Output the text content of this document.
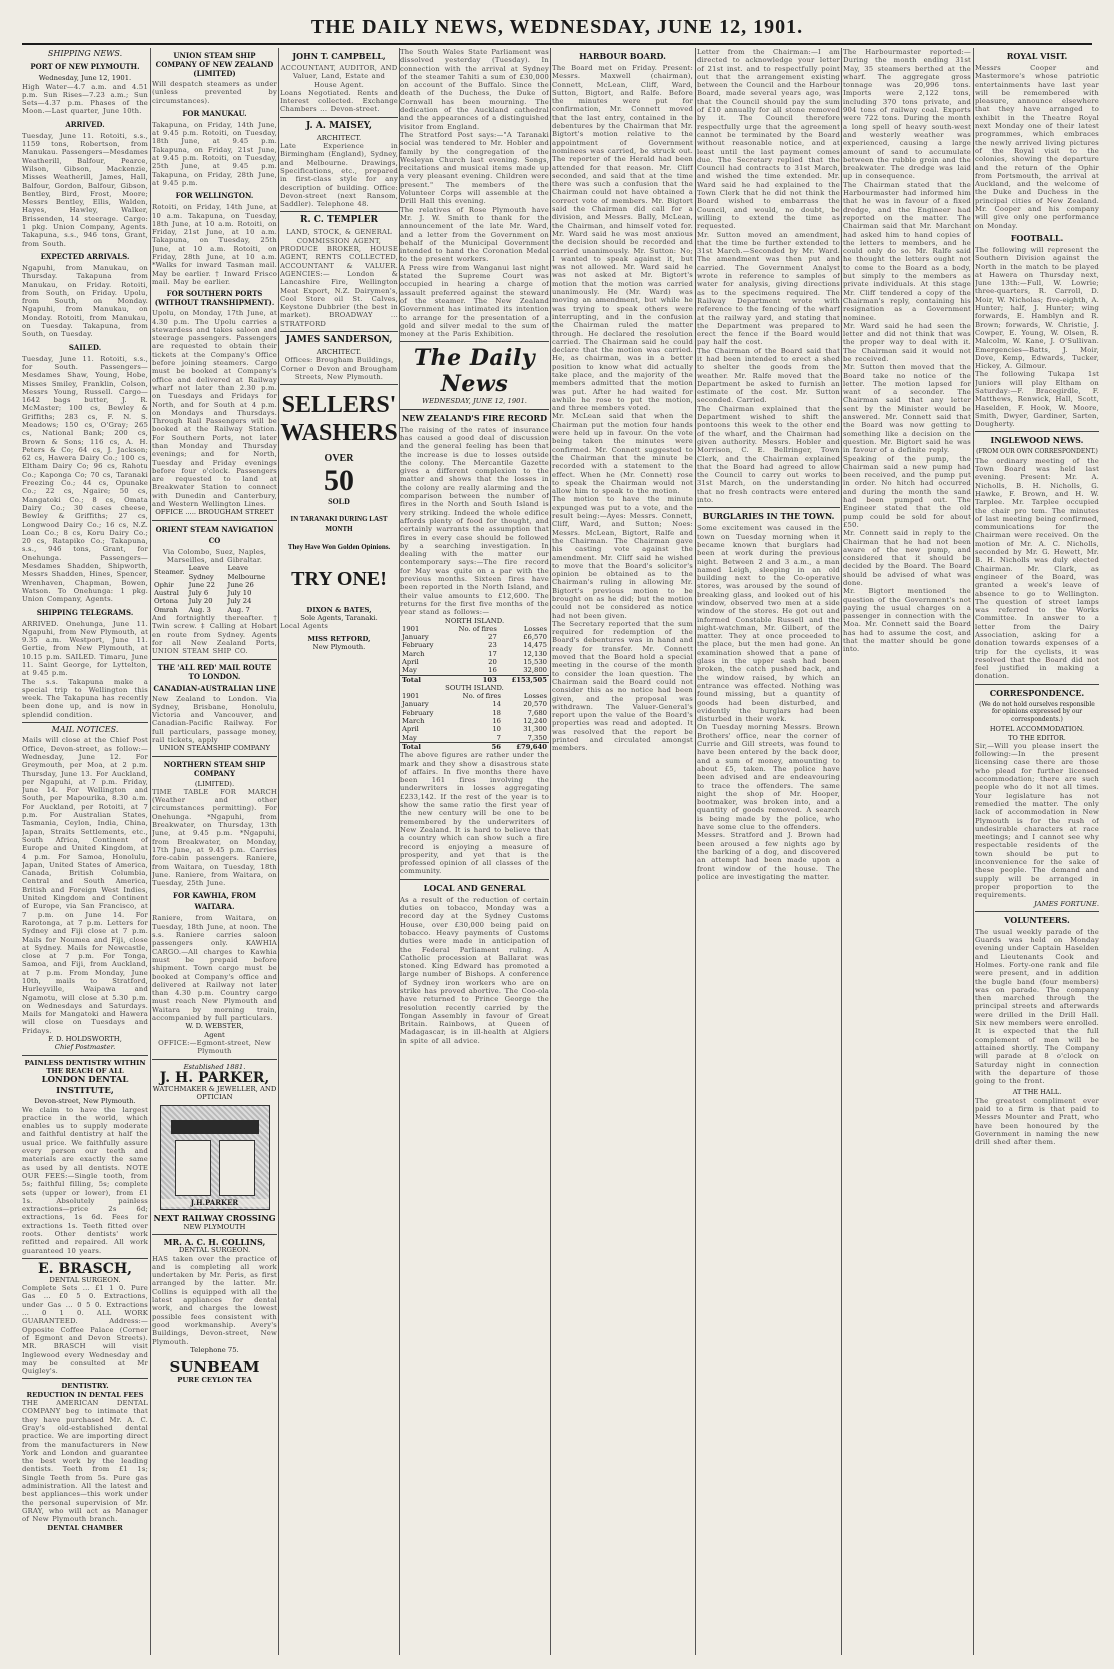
THE DAILY NEWS, WEDNESDAY, JUNE 12, 1901.
SHIPPING NEWS.
PORT OF NEW PLYMOUTH.
Wednesday, June 12, 1901.
High Water—4.7 a.m. and 4.51 p.m. Sun Rises—7.23 a.m.; Sun Sets—4.37 p.m. Phases of the Moon.—Last quarter, June 10th.
ARRIVED.
Tuesday, June 11. Rotoiti, s.s., 1159 tons, Robertson, from Manukau. Passengers—Mesdames Weatherill, Balfour, Pearce, Wilson, Gibson, Mackenzie, Misses Weatherill, James, Hall, Balfour, Gordon, Balfour, Gibson, Bentley, Bird, Frost, Moore; Messrs Bentley, Ellis, Walden, Hayes, Hawley, Walker, Brissenden, 14 steerage. Cargo: 1 pkg. Union Company, Agents. Takapuna, s.s., 946 tons, Grant, from South.
EXPECTED ARRIVALS.
Ngapuhi, from Manukau, on Thursday. Takapuna from Manukau, on Friday. Rotoiti, from South, on Friday. Upolu, from South, on Monday. Ngapuhi, from Manukau, on Monday. Rotoiti, from Manukau, on Tuesday. Takapuna, from South, on Tuesday.
SAILED.
Tuesday, June 11. Rotoiti, s.s., for South. Passengers—Mesdames Shaw, Young, Hobe, Misses Smiley, Franklin, Colson, Messrs Young, Russell. Cargo—1642 bags butter, J. R. McMaster; 100 cs, Bewley & Griffiths; 283 cs, F. N. S. Meadows; 150 cs, O'Gray; 265 cs, National Bank; 200 cs, Brown & Sons; 116 cs, A. H. Peters & Co; 64 cs, J. Jackson; 62 cs, Hawera Dairy Co.; 100 cs, Eltham Dairy Co; 96 cs, Rahotu Co.; Kaponga Co; 70 cs, Taranaki Freezing Co.; 44 cs, Opunake Co.; 22 cs, Ngaire; 50 cs, Mangatoki Co.; 8 cs, Omata Dairy Co.; 30 cases cheese, Bewley & Griffiths; 27 cs, Longwood Dairy Co.; 16 cs, N.Z. Loan Co.; 8 cs, Koru Dairy Co.; 20 cs, Ratapiko Co.; Takapuna, s.s., 946 tons, Grant, for Onehunga. Passengers—Mesdames Shadden, Shipworth, Messrs Shadden, Hines, Spencer, Wrenhaven, Chapman, Bowen, Watson. To Onehunga: 1 pkg. Union Company, Agents.
SHIPPING TELEGRAMS.
ARRIVED. Onehunga, June 11. Ngapuhi, from New Plymouth, at 9.35 a.m. Westport, June 11. Gertie, from New Plymouth, at 10.15 p.m. SAILED. Timaru, June 11. Saint George, for Lyttelton, at 9.45 p.m.
The s.s. Takapuna make a special trip to Wellington this week. The Takapuna has recently been done up, and is now in splendid condition.
MAIL NOTICES.
Mails will close at the Chief Post Office, Devon-street, as follow:— Wednesday, June 12. For Greymouth, per Moa, at 2 p.m. Thursday, June 13. For Auckland, per Ngapuhi, at 7 p.m. Friday, June 14. For Wellington and South, per Mapourika, 8.30 a.m. For Auckland, per Rotoiti, at 7 p.m. For Australian States, Tasmania, Ceylon, India, China, Japan, Straits Settlements, etc., South Africa, Continent of Europe and United Kingdom, at 4 p.m. For Samoa, Honolulu, Japan, United States of America, Canada, British Columbia, Central and South America, British and Foreign West Indies, United Kingdom and Continent of Europe, via San Francisco, at 7 p.m. on June 14. For Rarotonga, at 7 p.m. Letters for Sydney and Fiji close at 7 p.m. Mails for Noumea and Fiji, close at Sydney. Mails for Newcastle, close at 7 p.m. For Tonga, Samoa, and Fiji, from Auckland, at 7 p.m. From Monday, June 10th, mails to Stratford, Hurleyville, Waipawa and Ngamotu, will close at 5.30 p.m. on Wednesdays and Saturdays. Mails for Mangatoki and Hawera will close on Tuesdays and Fridays.
F. D. HOLDSWORTH,
Chief Postmaster.
PAINLESS DENTISTRY WITHIN THE REACH OF ALL
LONDON DENTAL INSTITUTE,
Devon-street, New Plymouth.
We claim to have the largest practice in the world, which enables us to supply moderate and faithful dentistry at half the usual price. We faithfully assure every person our teeth and materials are exactly the same as used by all dentists. NOTE OUR FEES:—Single tooth, from 5s; faithful filling, 5s; complete sets (upper or lower), from £1 1s. Absolutely painless extractions—price 2s 6d; extractions, 1s 6d. Fees for extractions 1s. Teeth fitted over roots. Other dentists' work refitted and repaired. All work guaranteed 10 years.
E. BRASCH,
DENTAL SURGEON.
Complete Sets ... £1 1 0. Pure Gas ... £0 5 0. Extractions, under Gas ... 0 5 0. Extractions ... 0 1 0. ALL WORK GUARANTEED. Address:—Opposite Coffee Palace (Corner of Egmont and Devon Streets). MR. BRASCH will visit Inglewood every Wednesday and may be consulted at Mr Quigley's.
DENTISTRY.
REDUCTION IN DENTAL FEES
THE AMERICAN DENTAL COMPANY beg to intimate that they have purchased Mr. A. C. Gray's old-established dental practice. We are importing direct from the manufacturers in New York and London and guarantee the best work by the leading dentists. Teeth from £1 1s; Single Teeth from 5s. Pure gas administration. All the latest and best appliances—this work under the personal supervision of Mr. GRAY, who will act as Manager of New Plymouth branch.
DENTAL CHAMBER
UNION STEAM SHIP COMPANY OF NEW ZEALAND (LIMITED)
Will despatch steamers as under (unless prevented by circumstances).
FOR MANUKAU.
Takapuna, on Friday, 14th June, at 9.45 p.m. Rotoiti, on Tuesday, 18th June, at 9.45 p.m. Takapuna, on Friday, 21st June, at 9.45 p.m. Rotoiti, on Tuesday, 25th June, at 9.45 p.m. Takapuna, on Friday, 28th June, at 9.45 p.m.
FOR WELLINGTON.
Rotoiti, on Friday, 14th June, at 10 a.m. Takapuna, on Tuesday, 18th June, at 10 a.m. Rotoiti, on Friday, 21st June, at 10 a.m. Takapuna, on Tuesday, 25th June, at 10 a.m. Rotoiti, on Friday, 28th June, at 10 a.m. *Walks for inward Tasman mail. May be earlier. † Inward Frisco mail. May be earlier.
FOR SOUTHERN PORTS (WITHOUT TRANSHIPMENT).
Upolu, on Monday, 17th June, at 4.30 p.m. The Upolu carries a stewardess and takes saloon and steerage passengers. Passengers are requested to obtain their tickets at the Company's Office before joining steamers. Cargo must be booked at Company's office and delivered at Railway wharf not later than 2.30 p.m. on Tuesdays and Fridays for North, and for South at 4 p.m. on Mondays and Thursdays. Through Rail Passengers will be booked at the Railway Station. For Southern Ports, not later than Monday and Thursday evenings; and for North, Tuesday and Friday evenings before four o'clock. Passengers are requested to land at Breakwater Station to connect with Dunedin and Canterbury, and Western Wellington Lines.
OFFICE ..... BROUGHAM STREET
ORIENT STEAM NAVIGATION CO
Via Colombo, Suez, Naples, Marseilles, and Gibraltar.
Steamer.	Leave Sydney	Leave Melbourne
Ophir	June 22	June 26
Austral	July 6	July 10
Ortona	July 20	July 24
Omrah	Aug. 3	Aug. 7
And fortnightly thereafter. † Twin screw. ‡ Calling at Hobart en route from Sydney. Agents for all New Zealand Ports, UNION STEAM SHIP CO.
THE 'ALL RED' MAIL ROUTE TO LONDON.
CANADIAN-AUSTRALIAN LINE
New Zealand to London. Via Sydney, Brisbane, Honolulu, Victoria and Vancouver, and Canadian-Pacific Railway. For full particulars, passage money, rail tickets, apply
UNION STEAMSHIP COMPANY
NORTHERN STEAM SHIP COMPANY
(LIMITED).
TIME TABLE FOR MARCH (Weather and other circumstances permitting). For Onehunga. *Ngapuhi, from Breakwater, on Thursday, 13th June, at 9.45 p.m. *Ngapuhi, from Breakwater, on Monday, 17th June, at 9.45 p.m. Carries fore-cabin passengers. Raniere, from Waitara, on Tuesday, 18th June. Raniere, from Waitara, on Tuesday, 25th June.
FOR KAWHIA, FROM WAITARA.
Raniere, from Waitara, on Tuesday, 18th June, at noon. The s.s. Raniere carries saloon passengers only. KAWHIA CARGO.—All charges to Kawhia must be prepaid before shipment. Town cargo must be booked at Company's office and delivered at Railway not later than 4.30 p.m. Country cargo must reach New Plymouth and Waitara by morning train, accompanied by full particulars.
W. D. WEBSTER,
Agent
OFFICE:—Egmont-street, New Plymouth
Established 1881.
J. H. PARKER,
WATCHMAKER & JEWELLER, AND OPTICIAN
J.H.PARKER
NEXT RAILWAY CROSSING
NEW PLYMOUTH
MR. A. C. H. COLLINS,
DENTAL SURGEON.
HAS taken over the practice of and is completing all work undertaken by Mr. Peris, as first arranged by the latter. Mr. Collins is equipped with all the latest appliances for dental work, and charges the lowest possible fees consistent with good workmanship. Avery's Buildings, Devon-street, New Plymouth.
Telephone 75.
SUNBEAM
PURE CEYLON TEA
JOHN T. CAMPBELL,
ACCOUNTANT, AUDITOR, AND Valuer, Land, Estate and House Agent.
Loans Negotiated. Rents and Interest collected. Exchange Chambers ... Devon-street.
J. A. MAISEY,
ARCHITECT.
Late Experience in Birmingham (England), Sydney, and Melbourne. Drawings, Specifications, etc., prepared in first-class style for any description of building. Office: Devon-street (next Ransom, Saddler). Telephone 48.
R. C. TEMPLER
LAND, STOCK, & GENERAL COMMISSION AGENT,
PRODUCE BROKER, HOUSE AGENT, RENTS COLLECTED, ACCOUNTANT & VALUER. AGENCIES:— London & Lancashire Fire, Wellington Meat Export, N.Z. Dairymen's, Cool Store oil St. Calves, Keystone Dubbrier (the best in market). BROADWAY ... STRATFORD
JAMES SANDERSON,
ARCHITECT.
Offices: Brougham Buildings, Corner o Devon and Brougham Streets, New Plymouth.
SELLERS'
WASHERS
OVER
50
SOLD
IN TARANAKI DURING LAST MONTH
They Have Won Golden Opinions.
TRY ONE!
DIXON & BATES,
Sole Agents, Taranaki.
Local Agents
MISS RETFORD,
New Plymouth.
The South Wales State Parliament was dissolved yesterday (Tuesday). In connection with the arrival at Sydney of the steamer Tahiti a sum of £30,000 on account of the Buffalo. Since the death of the Duchess, the Duke of Cornwall has been mourning. The dedication of the Auckland cathedral and the appearances of a distinguished visitor from England.
The Stratford Post says:—"A Taranaki social was tendered to Mr. Hobler and family by the congregation of the Wesleyan Church last evening. Songs, recitations and musical items made up a very pleasant evening. Children were present." The members of the Volunteer Corps will assemble at the Drill Hall this evening.
The relatives of Rose Plymouth have Mr. J. W. Smith to thank for the announcement of the late Mr. Ward, and a letter from the Government on behalf of the Municipal Government intended to hand the Coronation Medal to the present workers.
A Press wire from Wanganui last night stated the Supreme Court was occupied in hearing a charge of assault preferred against the steward of the steamer. The New Zealand Government has intimated its intention to arrange for the presentation of a gold and silver medal to the sum of money at the Paris Exhibition.
The Daily News
WEDNESDAY, JUNE 12, 1901.
NEW ZEALAND'S FIRE RECORD
The raising of the rates of insurance has caused a good deal of discussion and the general feeling has been that the increase is due to losses outside the colony. The Mercantile Gazette gives a different complexion to the matter and shows that the losses in the colony are really alarming and the comparison between the number of fires in the North and South Island is very striking. Indeed the whole edifice affords plenty of food for thought, and certainly warrants the assumption that fires in every case should be followed by a searching investigation. In dealing with the matter our contemporary says:—The fire record for May was quite on a par with the previous months. Sixteen fires have been reported in the North Island, and their value amounts to £12,600. The returns for the first five months of the year stand as follows:—
NORTH ISLAND.
1901	No. of fires	Losses
January	27	£6,570
February	23	14,475
March	17	12,130
April	20	15,530
May	16	32,800
Total	103	£153,505
SOUTH ISLAND.
1901	No. of fires	Losses
January	14	20,570
February	18	7,680
March	16	12,240
April	10	31,300
May	7	7,350
Total	56	£79,640
The above figures are rather under the mark and they show a disastrous state of affairs. In five months there have been 161 fires involving the underwriters in losses aggregating £233,142. If the rest of the year is to show the same ratio the first year of the new century will be one to be remembered by the underwriters of New Zealand. It is hard to believe that a country which can show such a fire record is enjoying a measure of prosperity, and yet that is the professed opinion of all classes of the community.
LOCAL AND GENERAL
As a result of the reduction of certain duties on tobacco, Monday was a record day at the Sydney Customs House, over £30,000 being paid on tobacco. Heavy payments of Customs duties were made in anticipation of the Federal Parliament ruling. A Catholic procession at Ballarat was stoned. King Edward has promoted a large number of Bishops. A conference of Sydney iron workers who are on strike has proved abortive. The Coo-ola have returned to Prince George the resolution recently carried by the Tongan Assembly in favour of Great Britain. Rainbows, at Queen of Madagascar, is in ill-health at Algiers in spite of all advice.
HARBOUR BOARD.
The Board met on Friday. Present: Messrs. Maxwell (chairman), Connett, McLean, Cliff, Ward, Sutton, Bigtort, and Ralfe. Before the minutes were put for confirmation, Mr. Connett moved that the last entry, contained in the debentures by the Chairman that Mr. Bigtort's motion relative to the appointment of Government nominees was carried, be struck out. The reporter of the Herald had been attended for that reason. Mr. Cliff seconded, and said that at the time there was such a confusion that the Chairman could not have obtained a correct vote of members. Mr. Bigtort said the Chairman did call for a division, and Messrs. Bally, McLean, the Chairman, and himself voted for. Mr. Ward said he was most anxious the decision should be recorded and carried unanimously. Mr. Sutton: No; I wanted to speak against it, but was not allowed. Mr. Ward said he was not asked at Mr. Bigtort's motion that the motion was carried unanimously. He (Mr. Ward) was moving an amendment, but while he was trying to speak others were interrupting, and in the confusion the Chairman ruled the matter through. He declared the resolution carried. The Chairman said he could declare that the motion was carried. He, as chairman, was in a better position to know what did actually take place, and the majority of the members admitted that the motion was put. After he had waited for awhile he rose to put the motion, and three members voted.
Mr. McLean said that when the Chairman put the motion four hands were held up in favour. On the vote being taken the minutes were confirmed. Mr. Connett suggested to the Chairman that the minute be recorded with a statement to the effect. When he (Mr. Connett) rose to speak the Chairman would not allow him to speak to the motion.
The motion to have the minute expunged was put to a vote, and the result being:—Ayes: Messrs. Connett, Cliff, Ward, and Sutton; Noes: Messrs. McLean, Bigtort, Ralfe and the Chairman. The Chairman gave his casting vote against the amendment. Mr. Cliff said he wished to move that the Board's solicitor's opinion be obtained as to the Chairman's ruling in allowing Mr. Bigtort's previous motion to be brought on as he did; but the motion could not be considered as notice had not been given.
The Secretary reported that the sum required for redemption of the Board's debentures was in hand and ready for transfer. Mr. Connett moved that the Board hold a special meeting in the course of the month to consider the loan question. The Chairman said the Board could not consider this as no notice had been given, and the proposal was withdrawn. The Valuer-General's report upon the value of the Board's properties was read and adopted. It was resolved that the report be printed and circulated amongst members.
Letter from the Chairman:—I am directed to acknowledge your letter of 21st inst. and to respectfully point out that the arrangement existing between the Council and the Harbour Board, made several years ago, was that the Council should pay the sum of £10 annually for all stone removed by it. The Council therefore respectfully urge that the agreement cannot be terminated by the Board without reasonable notice, and at least until the last payment comes due. The Secretary replied that the Council had contracts to 31st March, and wished the time extended. Mr. Ward said he had explained to the Town Clerk that he did not think the Board wished to embarrass the Council, and would, no doubt, be willing to extend the time as requested.
Mr. Sutton moved an amendment, that the time be further extended to 31st March.—Seconded by Mr. Ward. The amendment was then put and carried. The Government Analyst wrote in reference to samples of water for analysis, giving directions as to the specimens required. The Railway Department wrote with reference to the fencing of the wharf at the railway yard, and stating that the Department was prepared to erect the fence if the Board would pay half the cost.
The Chairman of the Board said that it had been intended to erect a shed to shelter the goods from the weather. Mr. Ralfe moved that the Department be asked to furnish an estimate of the cost. Mr. Sutton seconded. Carried.
The Chairman explained that the Department wished to shift the pontoons this week to the other end of the wharf, and the Chairman had given authority. Messrs. Hobler and Morrison, C. E. Bellringer, Town Clerk, and the Chairman explained that the Board had agreed to allow the Council to carry out works to 31st March, on the understanding that no fresh contracts were entered into.
BURGLARIES IN THE TOWN.
Some excitement was caused in the town on Tuesday morning when it became known that burglars had been at work during the previous night. Between 2 and 3 a.m., a man named Leigh, sleeping in an old building next to the Co-operative stores, was aroused by the sound of breaking glass, and looked out of his window, observed two men at a side window of the stores. He got out and informed Constable Russell and the night-watchman, Mr. Gilbert, of the matter. They at once proceeded to the place, but the men had gone. An examination showed that a pane of glass in the upper sash had been broken, the catch pushed back, and the window raised, by which an entrance was effected. Nothing was found missing, but a quantity of goods had been disturbed, and evidently the burglars had been disturbed in their work.
On Tuesday morning Messrs. Brown Brothers' office, near the corner of Currie and Gill streets, was found to have been entered by the back door, and a sum of money, amounting to about £5, taken. The police have been advised and are endeavouring to trace the offenders. The same night the shop of Mr. Hooper, bootmaker, was broken into, and a quantity of goods removed. A search is being made by the police, who have some clue to the offenders.
Messrs. Stratford and J. Brown had been aroused a few nights ago by the barking of a dog, and discovered an attempt had been made upon a front window of the house. The police are investigating the matter.
The Harbourmaster reported:—During the month ending 31st May, 35 steamers berthed at the wharf. The aggregate gross tonnage was 20,996 tons. Imports were 2,122 tons, including 370 tons private, and 904 tons of railway coal. Exports were 722 tons. During the month a long spell of heavy south-west and westerly weather was experienced, causing a large amount of sand to accumulate between the rubble groin and the breakwater. The dredge was laid up in consequence.
The Chairman stated that the Harbourmaster had informed him that he was in favour of a fixed dredge, and the Engineer had reported on the matter. The Chairman said that Mr. Marchant had asked him to hand copies of the letters to members, and he could only do so. Mr. Ralfe said he thought the letters ought not to come to the Board as a body, but simply to the members as private individuals. At this stage Mr. Cliff tendered a copy of the Chairman's reply, containing his resignation as a Government nominee.
Mr. Ward said he had seen the letter and did not think that was the proper way to deal with it. The Chairman said it would not be received.
Mr. Sutton then moved that the Board take no notice of the letter. The motion lapsed for want of a seconder. The Chairman said that any letter sent by the Minister would be answered. Mr. Connett said that the Board was now getting to something like a decision on the question. Mr. Bigtort said he was in favour of a definite reply.
Speaking of the pump, the Chairman said a new pump had been received, and the pump put in order. No hitch had occurred and during the month the sand had been pumped out. The Engineer stated that the old pump could be sold for about £50.
Mr. Connett said in reply to the Chairman that he had not been aware of the new pump, and considered that it should be decided by the Board. The Board should be advised of what was done.
Mr. Bigtort mentioned the question of the Government's not paying the usual charges on a passenger in connection with the Moa. Mr. Connett said the Board has had to assume the cost, and that the matter should be gone into.
ROYAL VISIT.
Messrs Cooper and Mastermore's whose patriotic entertainments have last year will be remembered with pleasure, announce elsewhere that they have arranged to exhibit in the Theatre Royal next Monday one of their latest programmes, which embraces the newly arrived living pictures of the Royal visit to the colonies, showing the departure and the return of the Ophir from Portsmouth, the arrival at Auckland, and the welcome of the Duke and Duchess in the principal cities of New Zealand. Mr. Cooper and his company will give only one performance on Monday.
FOOTBALL.
The following will represent the Southern Division against the North in the match to be played at Hawera on Thursday next, June 13th:—Full, W. Lowrie; three-quarters, R. Carroll, D. Moir, W. Nicholas; five-eighth, A. Hunter; half, J. Hunter; wing forwards, E. Hamblyn and R. Brown; forwards, W. Christie, J. Cowper, E. Young, W. Olsen, R. Malcolm, W. Kane, J. O'Sullivan. Emergencies—Batts, J. Moir, Dove, Kemp, Edwards, Tucker, Hickey, A. Gilmour.
The following Tukapa 1st Juniors will play Eltham on Saturday:—F. Bracegirdle, F. Matthews, Renwick, Hall, Scott, Haselden, F. Hook, W. Moore, Smith, Dwyer, Gardiner, Sarten, Dougherty.
INGLEWOOD NEWS.
(FROM OUR OWN CORRESPONDENT.)
The ordinary meeting of the Town Board was held last evening. Present: Mr. A. Nicholls, B. H. Nicholls, G. Hawke, F. Brown, and H. W. Tarplee. Mr. Tarplee occupied the chair pro tem. The minutes of last meeting being confirmed, communications for the Chairman were received. On the motion of Mr. A. C. Nicholls, seconded by Mr. G. Hewett, Mr. B. H. Nicholls was duly elected Chairman. Mr. Clark, as engineer of the Board, was granted a week's leave of absence to go to Wellington. The question of street lamps was referred to the Works Committee. In answer to a letter from the Dairy Association, asking for a donation towards expenses of a trip for the cyclists, it was resolved that the Board did not feel justified in making a donation.
CORRESPONDENCE.
(We do not hold ourselves responsible for opinions expressed by our correspondents.)
HOTEL ACCOMMODATION.
TO THE EDITOR.
Sir,—Will you please insert the following:—In the present licensing case there are those who plead for further licensed accommodation; there are such people who do it not all times. Your legislature has not remedied the matter. The only lack of accommodation in New Plymouth is for the rush of undesirable characters at race meetings; and I cannot see why respectable residents of the town should be put to inconvenience for the sake of these people. The demand and supply will be arranged in proper proportion to the requirements.
JAMES FORTUNE.
VOLUNTEERS.
The usual weekly parade of the Guards was held on Monday evening under Captain Haselden and Lieutenants Cook and Holmes. Forty-one rank and file were present, and in addition the bugle band (four members) was on parade. The company then marched through the principal streets and afterwards were drilled in the Drill Hall. Six new members were enrolled. It is expected that the full complement of men will be attained shortly. The Company will parade at 8 o'clock on Saturday night in connection with the departure of those going to the front.
AT THE HALL.
The greatest compliment ever paid to a firm is that paid to Messrs Mounter and Pratt, who have been honoured by the Government in naming the new drill shed after them.
